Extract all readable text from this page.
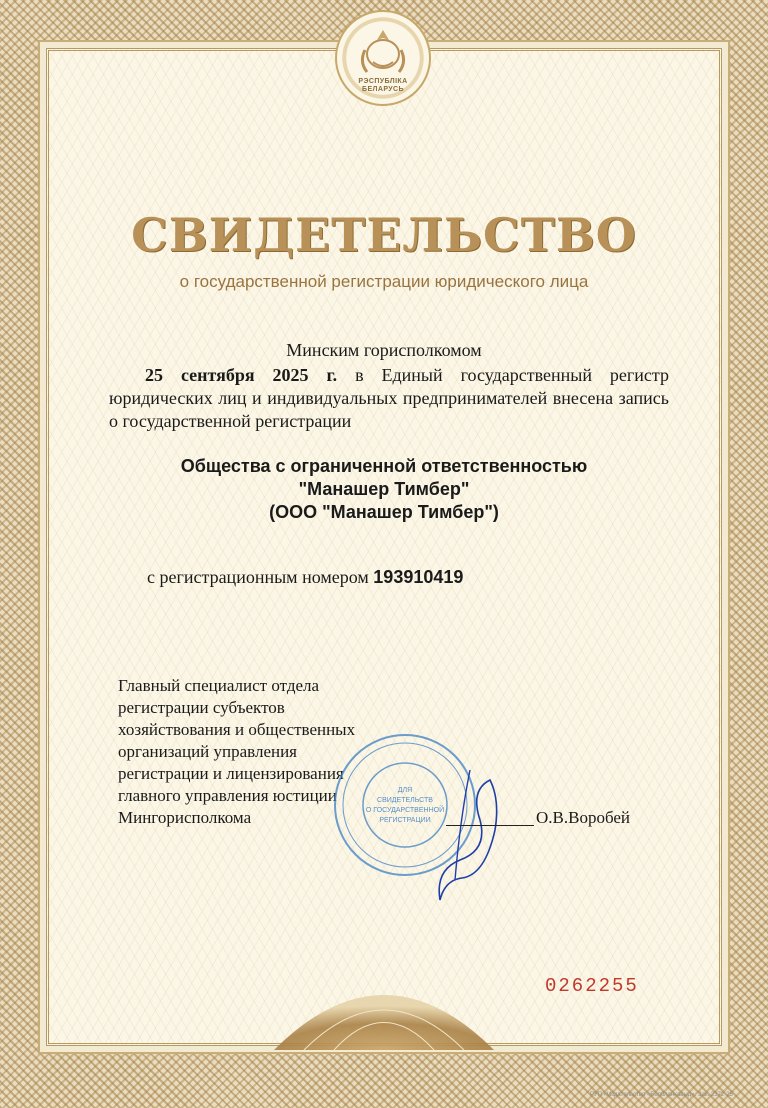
РЭСПУБЛІКА
БЕЛАРУСЬ
СВИДЕТЕЛЬСТВО
о государственной регистрации юридического лица
Минским горисполкомом
25 сентября 2025 г. в Единый государственный регистр юридических лиц и индивидуальных предпринимателей внесена запись о государственной регистрации
Общества с ограниченной ответственностью
"Манашер Тимбер"
(ООО "Манашер Тимбер")
с регистрационным номером 193910419
Главный специалист отдела
регистрации субъектов
хозяйствования и общественных
организаций управления
регистрации и лицензирования
главного управления юстиции
Мингорисполкома
ДЛЯ
СВИДЕТЕЛЬСТВ
О ГОСУДАРСТВЕННОЙ
РЕГИСТРАЦИИ	О.В.Воробей
0262255
РУП «Издательство «Белбланкавыд». Зак. 2372-25
